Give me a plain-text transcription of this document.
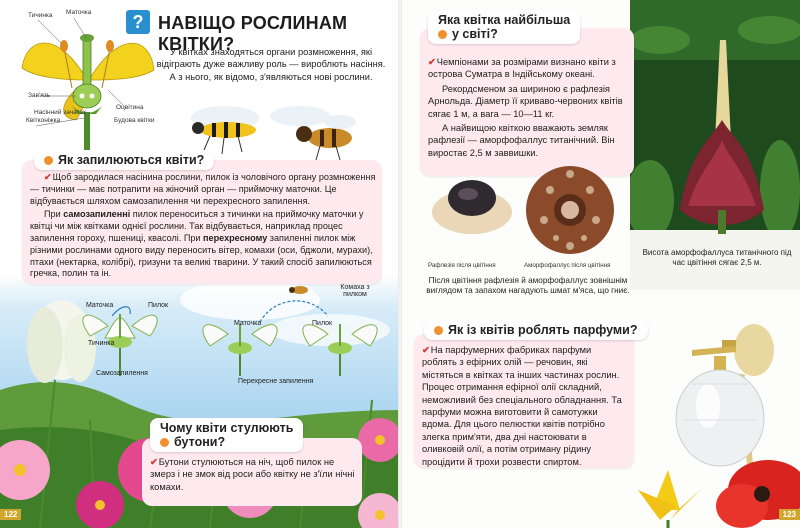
Тичинка Маточка
Зав'язь
Насінний зачаток
Квітконіжка
Оцвітина
Будова квітки
? НАВІЩО РОСЛИНАМ КВІТКИ?

У квітках знаходяться органи розмноження, які відіграють дуже важливу роль — вироблють насіння. А з нього, як відомо, з'являються нові рослини.

Як запилюються квіти?

✔Щоб зародилася насінина рослини, пилок із чоловічого органу розмноження — тичинки — має потрапити на жіночий орган — приймочку маточки. Це відбувається шляхом самозапилення чи перехресного запилення.

При самозапиленні пилок переноситься з тичинки на приймочку маточки у квітці чи між квітками однієї рослини. Так відбувається, наприклад процес запилення гороху, пшениці, квасолі. При перехресному запиленні пилок між різними рослинами одного виду переносить вітер, комахи (оси, бджоли, мурахи), птахи (нектарка, колібрі), гризуни та великі тварини. У такий спосіб запилюються гречка, полин та ін.

Маточка	Пилок
Тичинка
Самозапилення
Маточка	Пилок
Комаха з пилком
Перехресне запилення
Чому квіти стулюють
бутони?

✔Бутони стулюються на ніч, щоб пилок не змерз і не змок від роси або квітку не з'їли нічні комахи.

122

Висота аморфофаллуса титанічного під час цвітіння сягає 2,5 м.

Яка квітка найбільша
у світі?

✔Чемпіонами за розмірами визнано квіти з острова Суматра в Індійському океані.

Рекордсменом за шириною є рафлезія Арнольда. Діаметр її криваво-червоних квітів сягає 1 м, а вага — 10—11 кг.

А найвищою квіткою вважають земляк рафлезії — аморфофаллус титанічний. Він виростає 2,5 м заввишки.

Рафлезія після цвітіння	Аморфофаллус після цвітіння

Після цвітіння рафлезія й аморфофаллус зовнішнім виглядом та запахом нагадують шмат м'яса, що гниє.

Як із квітів роблять парфуми?

✔На парфумерних фабриках парфуми роблять з ефірних олій — речовин, які містяться в квітках та інших частинах рослин. Процес отримання ефірної олії складний, неможливий без спеціального обладнання. Та парфуми можна виготовити й самотужки вдома. Для цього пелюстки квітів потрібно злегка прим'яти, два дні настоювати в оливковій олії, а потім отриману рідину процідити й трохи розвести спиртом.

123
